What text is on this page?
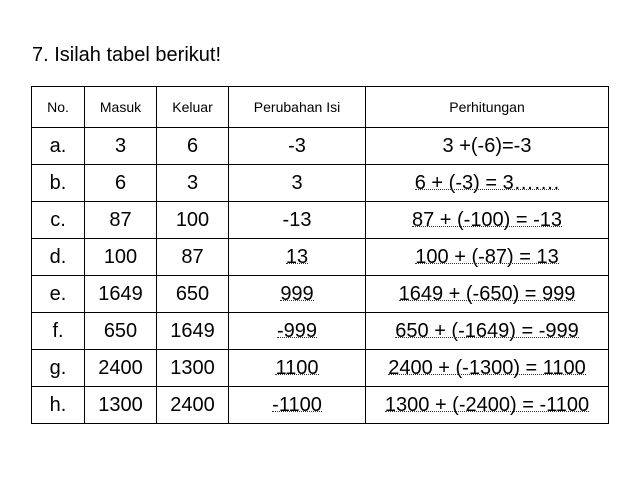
7. Isilah tabel berikut!
No.	Masuk	Keluar	Perubahan Isi	Perhitungan
a.	3	6	-3	3 +(-6)=-3
b.	6	3	3	6 + (-3) = 3…….

c.	87	100	-13	87 + (-100) = -13

d.	100	87	13	100 + (-87) = 13

e.	1649	650	999	1649 + (-650) = 999

f.	650	1649	-999	650 + (-1649) = -999

g.	2400	1300	1100	2400 + (-1300) = 1100

h.	1300	2400	-1100	1300 + (-2400) = -1100
